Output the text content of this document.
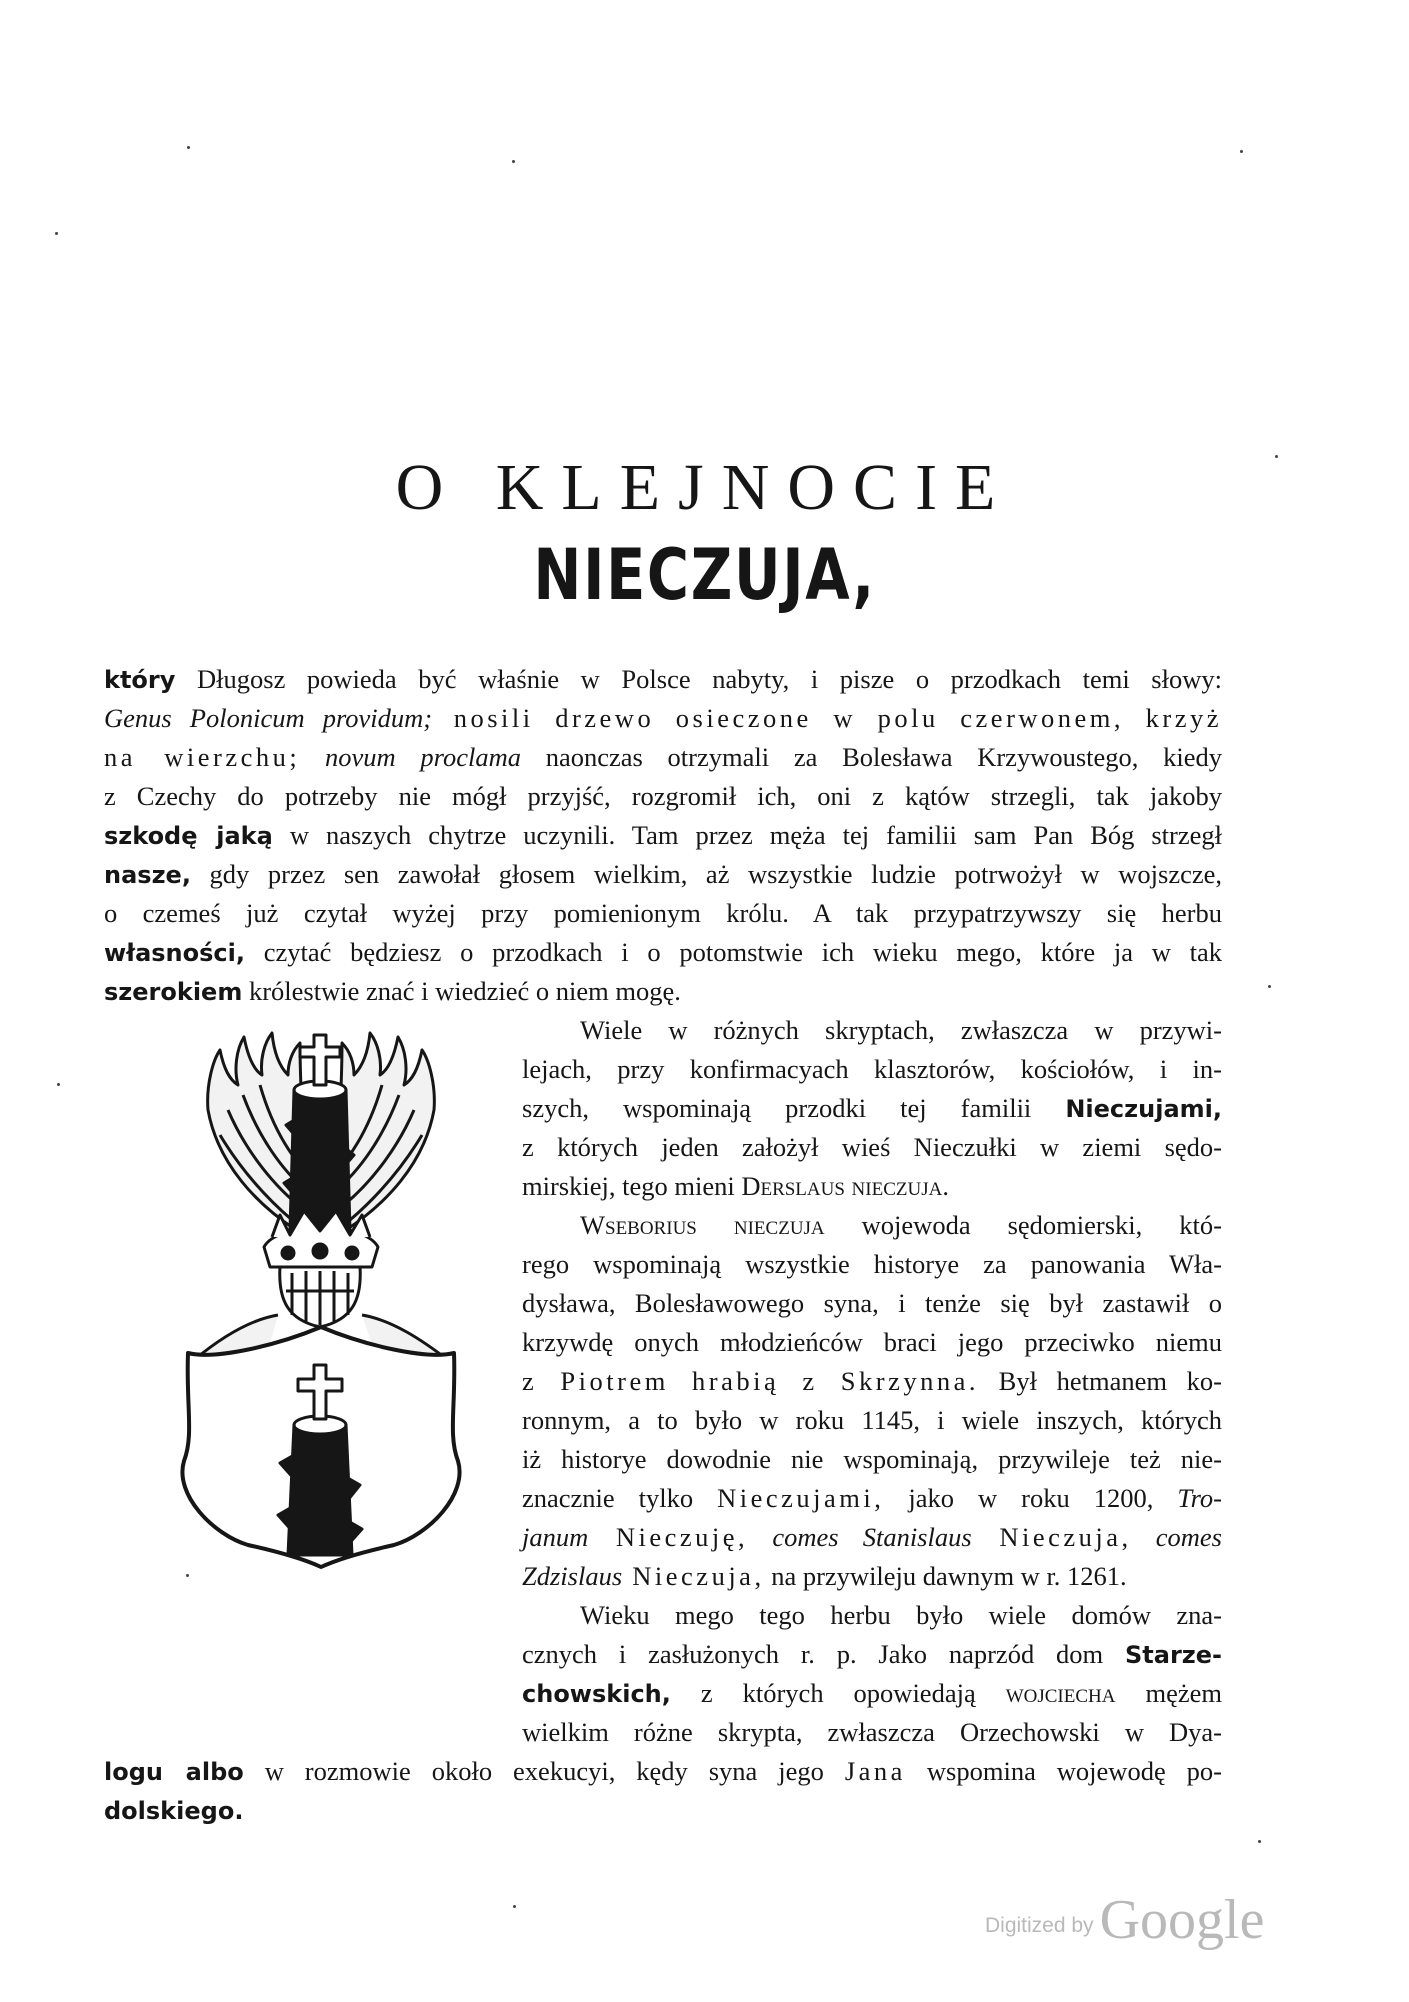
O KLEJNOCIE
NIECZUJA,
który Długosz powieda być właśnie w Polsce nabyty, i pisze o przodkach temi słowy:
Genus Polonicum providum; nosili drzewo osieczone w polu czerwonem, krzyż
na wierzchu; novum proclama naonczas otrzymali za Bolesława Krzywoustego, kiedy
z Czechy do potrzeby nie mógł przyjść, rozgromił ich, oni z kątów strzegli, tak jakoby
szkodę jaką w naszych chytrze uczynili. Tam przez męża tej familii sam Pan Bóg strzegł
nasze, gdy przez sen zawołał głosem wielkim, aż wszystkie ludzie potrwożył w wojszcze,
o czemeś już czytał wyżej przy pomienionym królu. A tak przypatrzywszy się herbu
własności, czytać będziesz o przodkach i o potomstwie ich wieku mego, które ja w tak
szerokiem królestwie znać i wiedzieć o niem mogę.
Wiele w różnych skryptach, zwłaszcza w przywi-
lejach, przy konfirmacyach klasztorów, kościołów, i in-
szych, wspominają przodki tej familii Nieczujami,
z których jeden założył wieś Nieczułki w ziemi sędo-
mirskiej, tego mieni Derslaus nieczuja.
Wseborius nieczuja wojewoda sędomierski, któ-
rego wspominają wszystkie historye za panowania Wła-
dysława, Bolesławowego syna, i tenże się był zastawił o
krzywdę onych młodzieńców braci jego przeciwko niemu
z Piotrem hrabią z Skrzynna. Był hetmanem ko-
ronnym, a to było w roku 1145, i wiele inszych, których
iż historye dowodnie nie wspominają, przywileje też nie-
znacznie tylko Nieczujami, jako w roku 1200, Tro-
janum Nieczuję, comes Stanislaus Nieczuja, comes
Zdzislaus Nieczuja, na przywileju dawnym w r. 1261.
Wieku mego tego herbu było wiele domów zna-
cznych i zasłużonych r. p. Jako naprzód dom Starze-
chowskich, z których opowiedają wojciecha mężem
wielkim różne skrypta, zwłaszcza Orzechowski w Dya-
logu albo w rozmowie około exekucyi, kędy syna jego Jana wspomina wojewodę po-
dolskiego.
Digitized by Google
